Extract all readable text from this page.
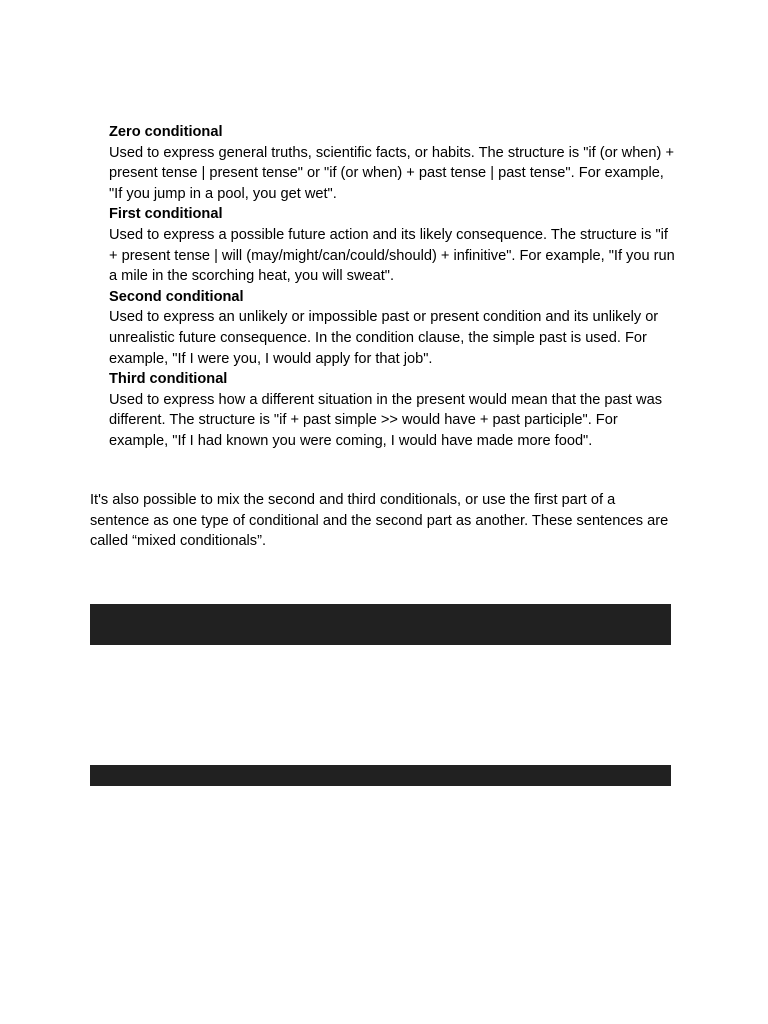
Zero conditional

Used to express general truths, scientific facts, or habits. The structure is "if (or when) + present tense | present tense" or "if (or when) + past tense | past tense". For example, "If you jump in a pool, you get wet".

First conditional

Used to express a possible future action and its likely consequence. The structure is "if + present tense | will (may/might/can/could/should) + infinitive". For example, "If you run a mile in the scorching heat, you will sweat".

Second conditional

Used to express an unlikely or impossible past or present condition and its unlikely or unrealistic future consequence. In the condition clause, the simple past is used. For example, "If I were you, I would apply for that job".

Third conditional

Used to express how a different situation in the present would mean that the past was different. The structure is "if + past simple >> would have + past participle". For example, "If I had known you were coming, I would have made more food".

It's also possible to mix the second and third conditionals, or use the first part of a sentence as one type of conditional and the second part as another. These sentences are called “mixed conditionals”.
